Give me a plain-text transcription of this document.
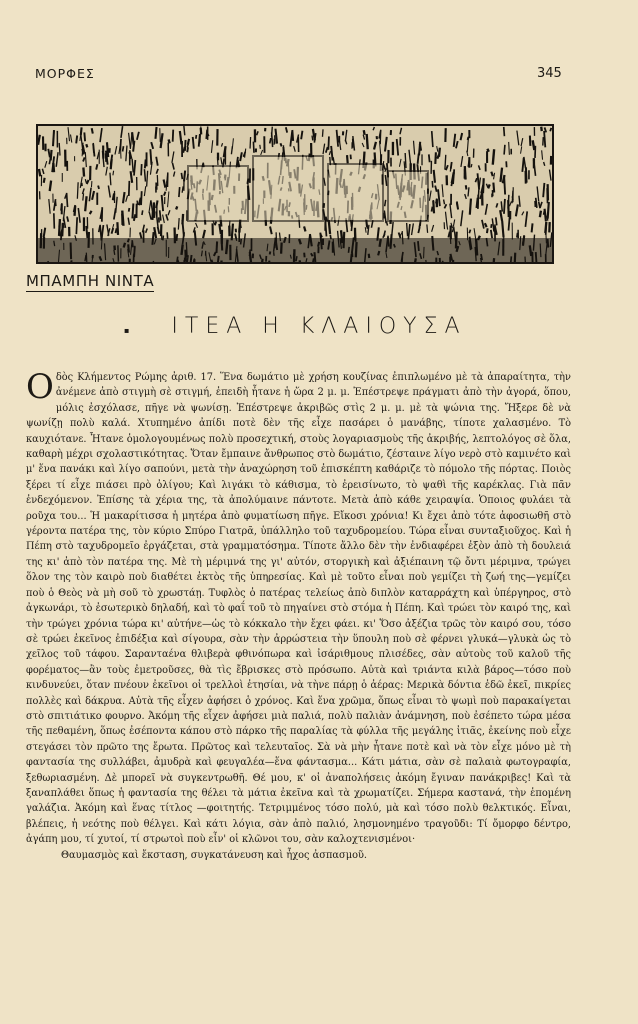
ΜΟΡΦΕΣ	345
ΜΠΑΜΠΗ ΝΙΝΤΑ
▪	ΙΤΕΑ Η ΚΛΑΙΟΥΣΑ

Οδὸς Κλήμεντος Ρώμης ἀριθ. 17. Ἕνα δωμάτιο μὲ χρήση κουζίνας ἐπιπλωμένο μὲ τὰ ἀπαραίτητα, τὴν ἀνέμενε ἀπὸ στιγμὴ σὲ στιγμή, ἐπειδὴ ἦτανε ἡ ὥρα 2 μ. μ. Ἐπέστρεψε πράγματι ἀπὸ τὴν ἀγορά, ὅπου, μόλις ἐσχόλασε, πῆγε νὰ ψωνίσῃ. Ἐπέστρεψε ἀκριβῶς στὶς 2 μ. μ. μὲ τὰ ψώνια της. Ἤξερε δὲ νὰ ψωνίζῃ πολὺ καλά. Χτυπημένο ἀπίδι ποτὲ δὲν τῆς εἶχε πασάρει ὁ μανάβης, τίποτε χαλασμένο. Τὸ καυχιότανε. Ἦτανε ὁμολογουμένως πολὺ προσεχτική, στοὺς λογαριασμοὺς τῆς ἀκριβής, λεπτολόγος σὲ ὅλα, καθαρὴ μέχρι σχολαστικότητας. Ὅταν ἔμπαινε ἄνθρωπος στὸ δωμάτιο, ζέσταινε λίγο νερὸ στὸ καμινέτο καὶ μ' ἕνα πανάκι καὶ λίγο σαπούνι, μετὰ τὴν ἀναχώρηση τοῦ ἐπισκέπτη καθάριζε τὸ πόμολο τῆς πόρτας. Ποιὸς ξέρει τί εἶχε πιάσει πρὸ ὀλίγου; Καὶ λιγάκι τὸ κάθισμα, τὸ ἐρεισίνωτο, τὸ ψαθὶ τῆς καρέκλας. Γιὰ πᾶν ἐνδεχόμενον. Ἐπίσης τὰ χέρια της, τὰ ἀπολύμαινε πάντοτε. Μετὰ ἀπὸ κάθε χειραψία. Ὁποιος φυλάει τὰ ροῦχα του... Ἡ μακαρίτισσα ἡ μητέρα ἀπὸ φυματίωση πῆγε. Εἴκοσι χρόνια! Κι ἔχει ἀπὸ τότε ἀφοσιωθῆ στὸ γέροντα πατέρα της, τὸν κύριο Σπύρο Γιατρᾶ, ὑπάλληλο τοῦ ταχυδρομείου. Τώρα εἶναι συνταξιοῦχος. Καὶ ἡ Πέπη στὸ ταχυδρομεῖο ἐργάζεται, στὰ γραμματόσημα. Τίποτε ἄλλο δὲν τὴν ἐνδιαφέρει ἐξὸν ἀπὸ τὴ δουλειά της κι' ἀπὸ τὸν πατέρα της. Μὲ τὴ μέριμνά της γι' αὐτόν, στοργικὴ καὶ ἀξιέπαινη τῷ ὄντι μέριμνα, τρώγει ὅλον της τὸν καιρὸ ποὺ διαθέτει ἐκτὸς τῆς ὑπηρεσίας. Καὶ μὲ τοῦτο εἶναι ποὺ γεμίζει τὴ ζωή της—γεμίζει ποὺ ὁ Θεὸς νὰ μὴ σοῦ τὸ χρωστάῃ. Τυφλὸς ὁ πατέρας τελείως ἀπὸ διπλὸν καταρράχτη καὶ ὑπέργηρος, στὸ ἀγκωνάρι, τὸ ἐσωτερικὸ δηλαδή, καὶ τὸ φαΐ τοῦ τὸ πηγαίνει στὸ στόμα ἡ Πέπη. Καὶ τρώει τὸν καιρό της, καὶ τὴν τρώγει χρόνια τώρα κι' αὐτήνε—ὡς τὸ κόκκαλο τὴν ἔχει φάει. κι' Ὅσο ἀξέζια τρῶς τὸν καιρό σου, τόσο σὲ τρώει ἐκεῖνος ἐπιδέξια καὶ σίγουρα, σὰν τὴν ἀρρώστεια τὴν ὕπουλη ποὺ σὲ φέρνει γλυκά—γλυκὰ ὡς τὸ χεῖλος τοῦ τάφου. Σαρανταένα θλιβερὰ φθινόπωρα καὶ ἰσάριθμους πλισέδες, σὰν αὐτοὺς τοῦ καλοῦ τῆς φορέματος—ἂν τοὺς ἐμετροῦσες, θὰ τὶς ἔβρισκες στὸ πρόσωπο. Αὐτὰ καὶ τριάντα κιλὰ βάρος—τόσο ποὺ κινδυνεύει, ὅταν πνέουν ἐκεῖνοι οἱ τρελλοὶ ἐτησίαι, νὰ τὴνε πάρῃ ὁ ἀέρας: Μερικὰ δόντια ἐδῶ ἐκεῖ, πικρίες πολλὲς καὶ δάκρυα. Αὐτὰ τῆς εἶχεν ἀφήσει ὁ χρόνος. Καὶ ἕνα χρῶμα, ὅπως εἶναι τὸ ψωμὶ ποὺ παρακαίγεται στὸ σπιτιάτικο φουρνο. Ἀκόμη τῆς εἶχεν ἀφήσει μιὰ παλιά, πολὺ παλιὰν ἀνάμνηση, ποὺ ἐσέπετο τώρα μέσα τῆς πεθαμένη, ὅπως ἐσέποντα κάπου στὸ πάρκο τῆς παραλίας τὰ φύλλα τῆς μεγάλης ἰτιᾶς, ἐκείνης ποὺ εἶχε στεγάσει τὸν πρῶτο της ἔρωτα. Πρῶτος καὶ τελευταῖος. Σὰ νὰ μὴν ἦτανε ποτὲ καὶ νὰ τὸν εἶχε μόνο μὲ τὴ φαντασία της συλλάβει, ἀμυδρὰ καὶ φευγαλέα—ἕνα φάντασμα... Κάτι μάτια, σὰν σὲ παλαιὰ φωτογραφία, ξεθωριασμένη. Δὲ μπορεῖ νὰ συγκεντρωθῆ. Θέ μου, κ' οἱ ἀναπολήσεις ἀκόμη ἔγιναν πανάκριβες! Καὶ τὰ ξαναπλάθει ὅπως ἡ φαντασία της θέλει τὰ μάτια ἐκεῖνα καὶ τὰ χρωματίζει. Σήμερα καστανά, τὴν ἑπομένη γαλάζια. Ἀκόμη καὶ ἕνας τίτλος —φοιτητής. Τετριμμένος τόσο πολύ, μὰ καὶ τόσο πολὺ θελκτικός. Εἶναι, βλέπεις, ἡ νεότης ποὺ θέλγει. Καὶ κάτι λόγια, σὰν ἀπὸ παλιό, λησμονημένο τραγοῦδι: Τί ὄμορφο δέντρο, ἀγάπη μου, τί χυτοί, τί στρωτοὶ ποὺ εἶν' οἱ κλῶνοι του, σὰν καλοχτενισμένοι·

Θαυμασμὸς καὶ ἔκσταση, συγκατάνευση καὶ ἦχος ἀσπασμοῦ.
